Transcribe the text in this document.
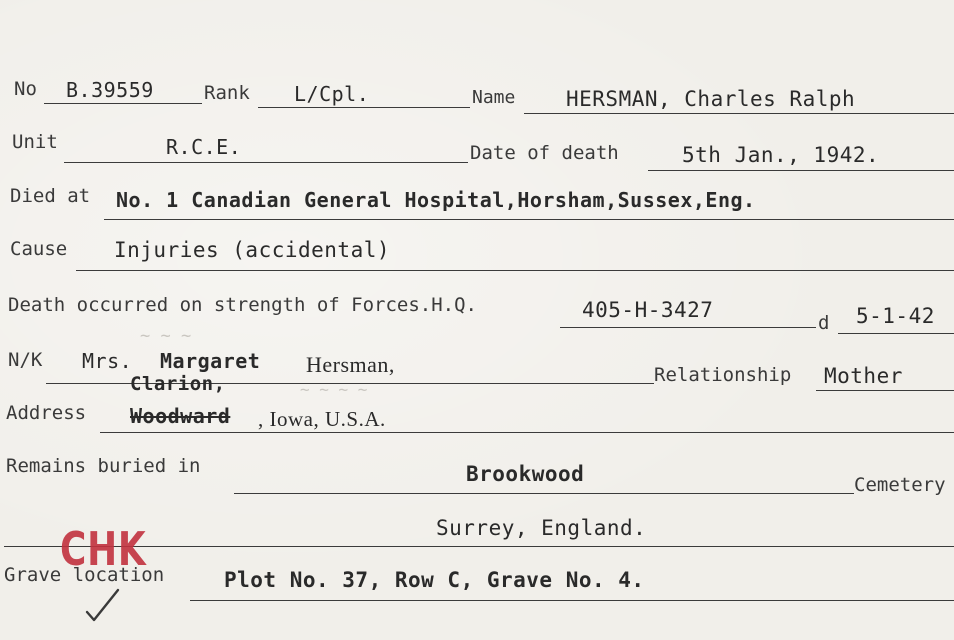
No B.39559	Rank L/Cpl.	Name HERSMAN, Charles Ralph
Unit	R.C.E.	Date of death	5th Jan., 1942.
Died at No. 1 Canadian General Hospital,Horsham,Sussex,Eng.
Cause Injuries (accidental)
Death occurred on strength of Forces.H.Q.	405-H-3427
d 5-1-42
~ ~ ~
~ ~ ~ ~
N/K Mrs. Margaret Hersman,	Relationship Mother
Clarion,
Address Woodward , Iowa, U.S.A.
Remains buried in	Brookwood	Cemetery
Surrey, England.
CHK
Grave location	Plot No. 37, Row C, Grave No. 4.
